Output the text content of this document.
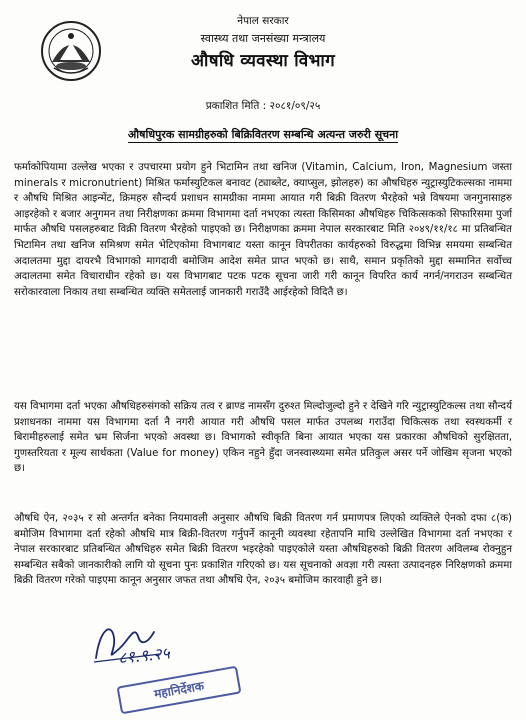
नेपाल सरकार
स्वास्थ्य तथा जनसंख्या मन्त्रालय
औषधि व्यवस्था विभाग
प्रकाशित मिति : २०८१/०९/२५
औषधिपुरक सामग्रीहरुको बिक्रिवितरण सम्बन्धि अत्यन्त जरुरी सूचना

फर्माकोपियामा उल्लेख भएका र उपचारमा प्रयोग हुने भिटामिन तथा खनिज (Vitamin, Calcium, Iron, Magnesium जस्ता minerals र micronutrient) मिश्रित फर्मास्युटिकल बनावट (ट्याब्लेट, क्याप्सुल, झोलहरु) का औषधिहरु न्युट्रास्युटिकल्सका नाममा र औषधि मिश्रित आइन्मेंट, क्रिमहरु सौन्दर्य प्रशाधन सामग्रीका नाममा आयात गरी बिक्री वितरण भैरहेको भन्ने विषयमा जनगुनासाहरु आइरहेको र बजार अनुगमन तथा निरीक्षणका क्रममा विभागमा दर्ता नभएका त्यस्ता किसिमका औषधिहरु चिकित्सकको सिफारिसमा पुर्जा मार्फत औषधि पसलहरुबाट विक्री वितरण भैरहेको पाइएको छ। निरीक्षणका क्रममा नेपाल सरकारबाट मिति २०४९/११/१८ मा प्रतिबन्धित भिटामिन तथा खनिज समिश्रण समेत भेटिएकोमा विभागबाट यस्ता कानून विपरीतका कार्यहरुको विरुद्धमा विभिन्न समयमा सम्बन्धित अदालतमा मुद्दा दायरभै विभागको मागदावी बमोजिम आदेश समेत प्राप्त भएको छ। साथै, समान प्रकृतिको मुद्दा सम्मानित सर्वोच्च अदालतमा समेत विचाराधीन रहेको छ। यस विभागबाट पटक पटक सूचना जारी गरी कानून विपरित कार्य नगर्न/नगराउन सम्बन्धित सरोकारवाला निकाय तथा सम्बन्धित व्यक्ति समेतलाई जानकारी गराउँदै आईरहेको विदितै छ।

यस विभागमा दर्ता भएका औषधिहरुसंगको सक्रिय तत्व र ब्राण्ड नामसँग दुरुश्त मिल्दोजुल्दो हुने र देखिने गरि न्युट्रास्युटिकल्स तथा सौन्दर्य प्रशाधनका नाममा यस विभागमा दर्ता नै नगरी आयात गरी औषधि पसल मार्फत उपलब्ध गराउँदा चिकित्सक तथा स्वस्थकर्मी र बिरामीहरुलाई समेत भ्रम सिर्जना भएको अवस्था छ। विभागको स्वीकृति बिना आयात भएका यस प्रकारका औषधिको सुरक्षितता, गुणस्तरियता र मूल्य सार्थकता (Value for money) एकिन नहुने हुँदा जनस्वास्थ्यमा समेत प्रतिकुल असर पर्ने जोखिम सृजना भएको छ।

औषधि ऐन, २०३५ र सो अन्तर्गत बनेका नियमावली अनुसार औषधि बिक्री वितरण गर्न प्रमाणपत्र लिएको व्यक्तिले ऐनको दफा ८(क) बमोजिम विभागमा दर्ता रहेको औषधि मात्र बिक्री-वितरण गर्नुपर्ने कानूनी व्यवस्था रहेतापनि माथि उल्लेखित विभागमा दर्ता नभएका र नेपाल सरकारबाट प्रतिबन्धित औषधिहरु समेत बिक्री वितरण भइरहेको पाइएकोले यस्ता औषधिहरुको बिक्री वितरण अविलम्ब रोक्नुहुन सम्बन्धित सबैको जानकारीको लागि यो सूचना पुनः प्रकाशित गरिएको छ। यस सूचनाको अवज्ञा गरी त्यस्ता उत्पादनहरु निरिक्षणको क्रममा बिक्री वितरण गरेको पाइएमा कानून अनुसार जफत तथा औषधि ऐन, २०३५ बमोजिम कारवाही हुने छ।

८१.९.२५
महानिर्देशक
